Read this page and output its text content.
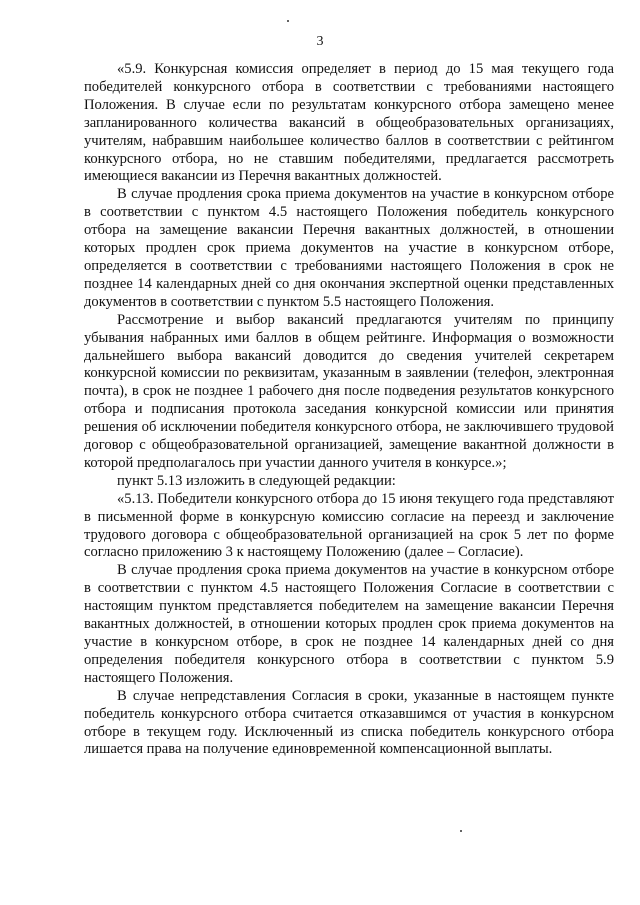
3

«5.9. Конкурсная комиссия определяет в период до 15 мая текущего года победителей конкурсного отбора в соответствии с требованиями настоящего Положения. В случае если по результатам конкурсного отбора замещено менее запланированного количества вакансий в общеобразовательных организациях, учителям, набравшим наибольшее количество баллов в соответствии с рейтингом конкурсного отбора, но не ставшим победителями, предлагается рассмотреть имеющиеся вакансии из Перечня вакантных должностей.

В случае продления срока приема документов на участие в конкурсном отборе в соответствии с пунктом 4.5 настоящего Положения победитель конкурсного отбора на замещение вакансии Перечня вакантных должностей, в отношении которых продлен срок приема документов на участие в конкурсном отборе, определяется в соответствии с требованиями настоящего Положения в срок не позднее 14 календарных дней со дня окончания экспертной оценки представленных документов в соответствии с пунктом 5.5 настоящего Положения.

Рассмотрение и выбор вакансий предлагаются учителям по принципу убывания набранных ими баллов в общем рейтинге. Информация о возможности дальнейшего выбора вакансий доводится до сведения учителей секретарем конкурсной комиссии по реквизитам, указанным в заявлении (телефон, электронная почта), в срок не позднее 1 рабочего дня после подведения результатов конкурсного отбора и подписания протокола заседания конкурсной комиссии или принятия решения об исключении победителя конкурсного отбора, не заключившего трудовой договор с общеобразовательной организацией, замещение вакантной должности в которой предполагалось при участии данного учителя в конкурсе.»;

пункт 5.13 изложить в следующей редакции:

«5.13. Победители конкурсного отбора до 15 июня текущего года представляют в письменной форме в конкурсную комиссию согласие на переезд и заключение трудового договора с общеобразовательной организацией на срок 5 лет по форме согласно приложению 3 к настоящему Положению (далее – Согласие).

В случае продления срока приема документов на участие в конкурсном отборе в соответствии с пунктом 4.5 настоящего Положения Согласие в соответствии с настоящим пунктом представляется победителем на замещение вакансии Перечня вакантных должностей, в отношении которых продлен срок приема документов на участие в конкурсном отборе, в срок не позднее 14 календарных дней со дня определения победителя конкурсного отбора в соответствии с пунктом 5.9 настоящего Положения.

В случае непредставления Согласия в сроки, указанные в настоящем пункте победитель конкурсного отбора считается отказавшимся от участия в конкурсном отборе в текущем году. Исключенный из списка победитель конкурсного отбора лишается права на получение единовременной компенсационной выплаты.
